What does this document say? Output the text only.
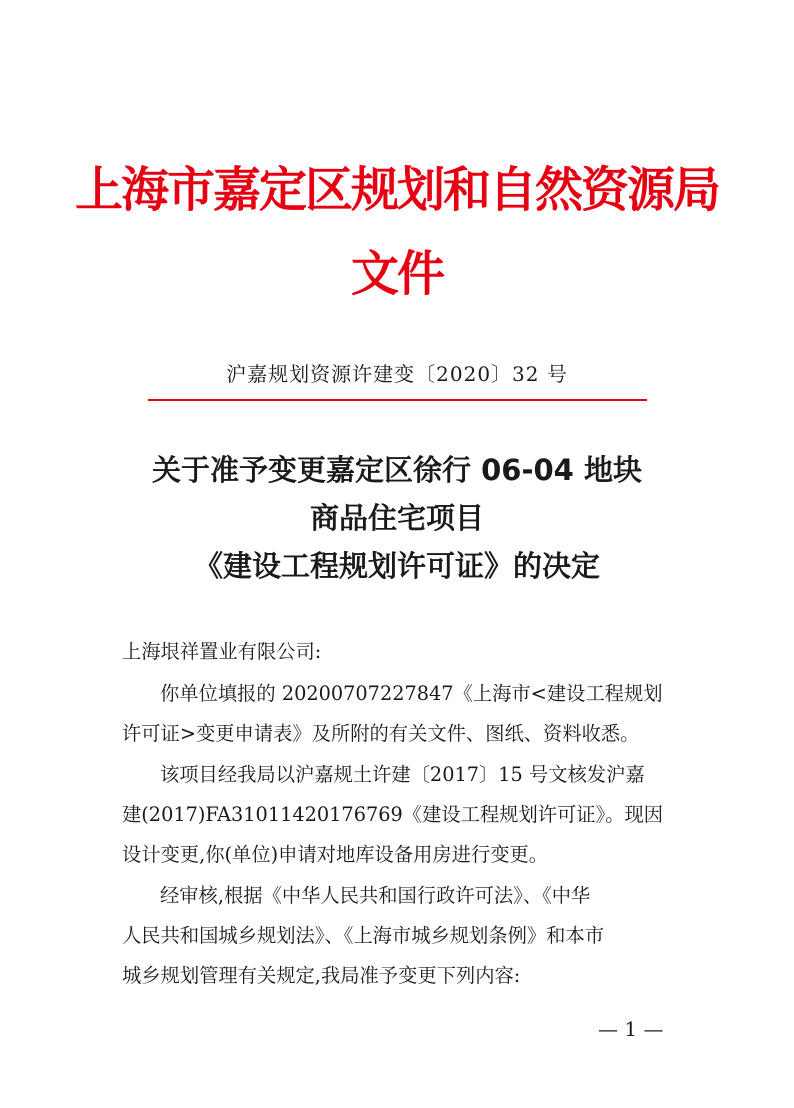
上海市嘉定区规划和自然资源局
文件
沪嘉规划资源许建变〔2020〕32 号
关于准予变更嘉定区徐行 06-04 地块
商品住宅项目
《建设工程规划许可证》的决定
上海垠祥置业有限公司:
你单位填报的 20200707227847《上海市<建设工程规划
许可证>变更申请表》及所附的有关文件、图纸、资料收悉。
该项目经我局以沪嘉规土许建〔2017〕15 号文核发沪嘉
建(2017)FA31011420176769《建设工程规划许可证》。现因
设计变更,你(单位)申请对地库设备用房进行变更。
经审核,根据《中华人民共和国行政许可法》、《中华
人民共和国城乡规划法》、《上海市城乡规划条例》和本市
城乡规划管理有关规定,我局准予变更下列内容:
— 1 —
